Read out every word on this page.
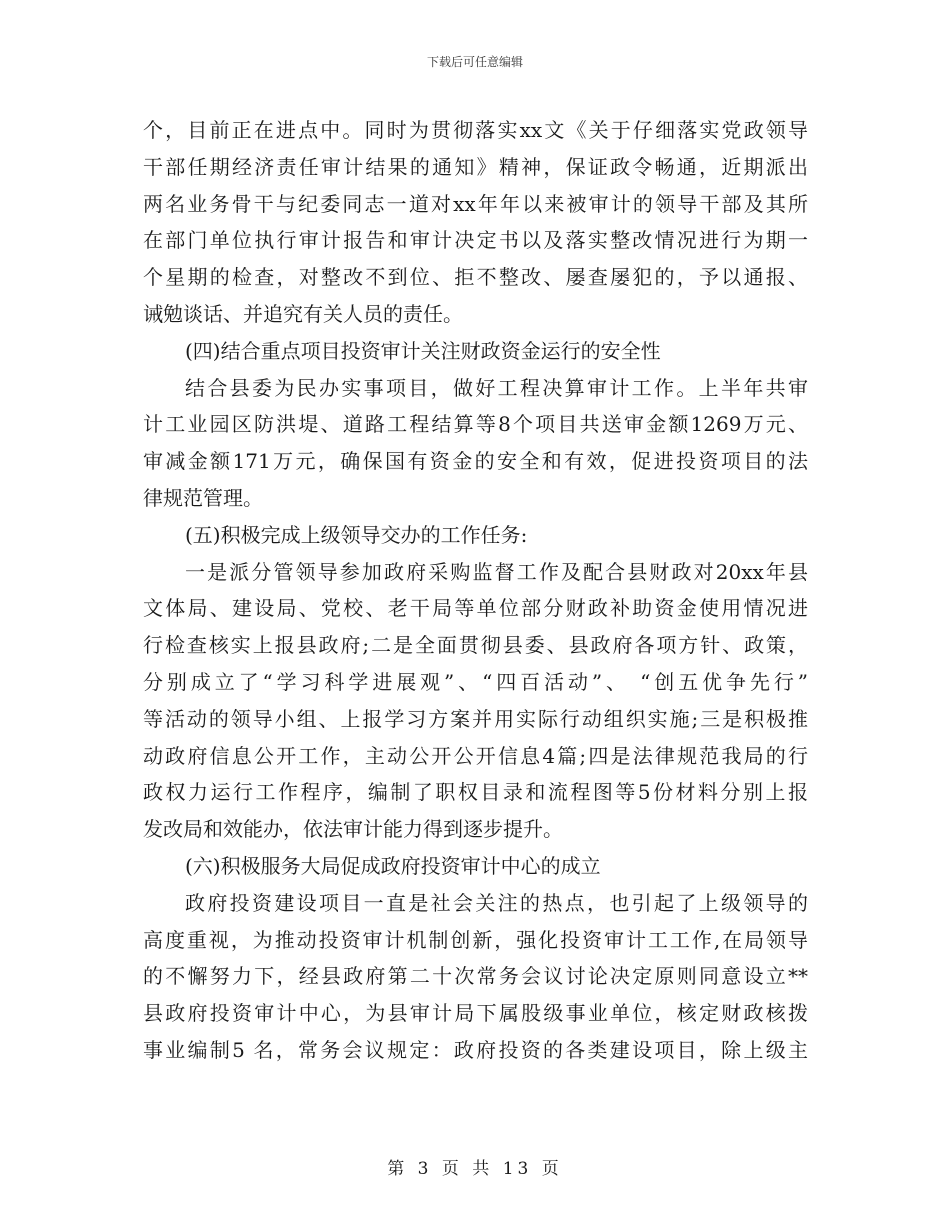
下载后可任意编辑
个，目前正在进点中。同时为贯彻落实xx文《关于仔细落实党政领导
干部任期经济责任审计结果的通知》精神，保证政令畅通，近期派出
两名业务骨干与纪委同志一道对xx年年以来被审计的领导干部及其所
在部门单位执行审计报告和审计决定书以及落实整改情况进行为期一
个星期的检查，对整改不到位、拒不整改、屡查屡犯的，予以通报、
诫勉谈话、并追究有关人员的责任。
(四)结合重点项目投资审计关注财政资金运行的安全性
结合县委为民办实事项目，做好工程决算审计工作。上半年共审
计工业园区防洪堤、道路工程结算等8个项目共送审金额1269万元、
审减金额171万元，确保国有资金的安全和有效，促进投资项目的法
律规范管理。
(五)积极完成上级领导交办的工作任务:
一是派分管领导参加政府采购监督工作及配合县财政对20xx年县
文体局、建设局、党校、老干局等单位部分财政补助资金使用情况进
行检查核实上报县政府;二是全面贯彻县委、县政府各项方针、政策，
分别成立了“学习科学进展观”、“四百活动”、 “创五优争先行”
等活动的领导小组、上报学习方案并用实际行动组织实施;三是积极推
动政府信息公开工作，主动公开公开信息4篇;四是法律规范我局的行
政权力运行工作程序，编制了职权目录和流程图等5份材料分别上报
发改局和效能办，依法审计能力得到逐步提升。
(六)积极服务大局促成政府投资审计中心的成立
政府投资建设项目一直是社会关注的热点，也引起了上级领导的
高度重视，为推动投资审计机制创新，强化投资审计工工作,在局领导
的不懈努力下，经县政府第二十次常务会议讨论决定原则同意设立**
县政府投资审计中心，为县审计局下属股级事业单位，核定财政核拨
事业编制5 名，常务会议规定：政府投资的各类建设项目，除上级主
第 3 页 共 13 页
